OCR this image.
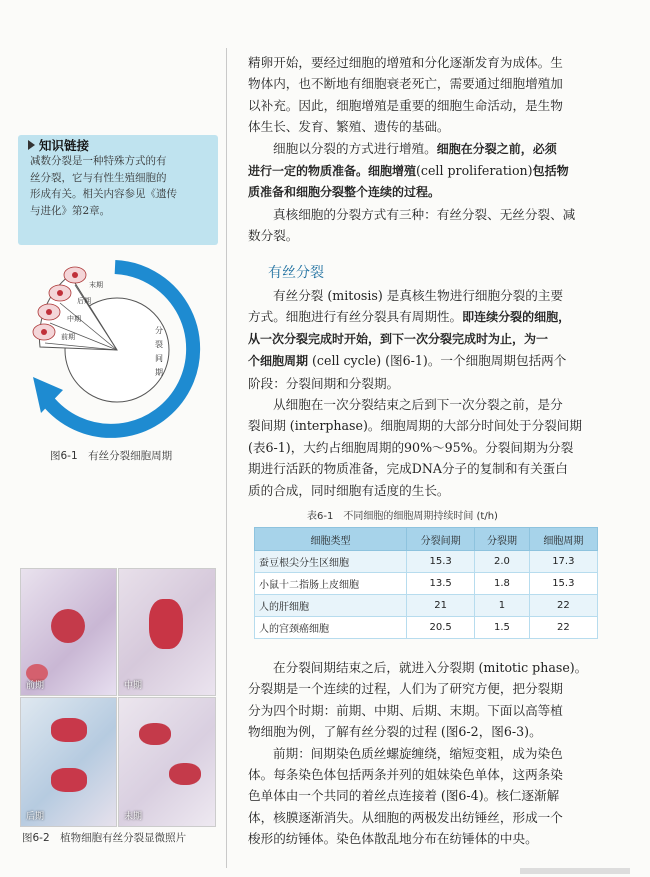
知识链接
减数分裂是一种特殊方式的有
丝分裂，它与有性生殖细胞的
形成有关。相关内容参见《遗传
与进化》第2章。
末期
后期
中期
前期
分
裂
间
期
图6-1　有丝分裂细胞周期
前期	中期
后期	末期
图6-2　植物细胞有丝分裂显微照片

精卵开始，要经过细胞的增殖和分化逐渐发育为成体。生
物体内，也不断地有细胞衰老死亡，需要通过细胞增殖加
以补充。因此，细胞增殖是重要的细胞生命活动，是生物
体生长、发育、繁殖、遗传的基础。

细胞以分裂的方式进行增殖。细胞在分裂之前，必须
进行一定的物质准备。细胞增殖(cell proliferation)包括物
质准备和细胞分裂整个连续的过程。

真核细胞的分裂方式有三种：有丝分裂、无丝分裂、减
数分裂。

有丝分裂

有丝分裂 (mitosis) 是真核生物进行细胞分裂的主要
方式。细胞进行有丝分裂具有周期性。即连续分裂的细胞，
从一次分裂完成时开始，到下一次分裂完成时为止，为一
个细胞周期 (cell cycle) (图6-1)。一个细胞周期包括两个
阶段：分裂间期和分裂期。

从细胞在一次分裂结束之后到下一次分裂之前，是分
裂间期 (interphase)。细胞周期的大部分时间处于分裂间期
(表6-1)，大约占细胞周期的90%～95%。分裂间期为分裂
期进行活跃的物质准备，完成DNA分子的复制和有关蛋白
质的合成，同时细胞有适度的生长。

表6-1　不同细胞的细胞周期持续时间 (t/h)
细胞类型	分裂间期	分裂期	细胞周期
蚕豆根尖分生区细胞	15.3	2.0	17.3
小鼠十二指肠上皮细胞	13.5	1.8	15.3
人的肝细胞	21	1	22
人的宫颈癌细胞	20.5	1.5	22

在分裂间期结束之后，就进入分裂期 (mitotic phase)。
分裂期是一个连续的过程，人们为了研究方便，把分裂期
分为四个时期：前期、中期、后期、末期。下面以高等植
物细胞为例，了解有丝分裂的过程 (图6-2，图6-3)。

前期：间期染色质丝螺旋缠绕，缩短变粗，成为染色
体。每条染色体包括两条并列的姐妹染色单体，这两条染
色单体由一个共同的着丝点连接着 (图6-4)。核仁逐渐解
体，核膜逐渐消失。从细胞的两极发出纺锤丝，形成一个
梭形的纺锤体。染色体散乱地分布在纺锤体的中央。
